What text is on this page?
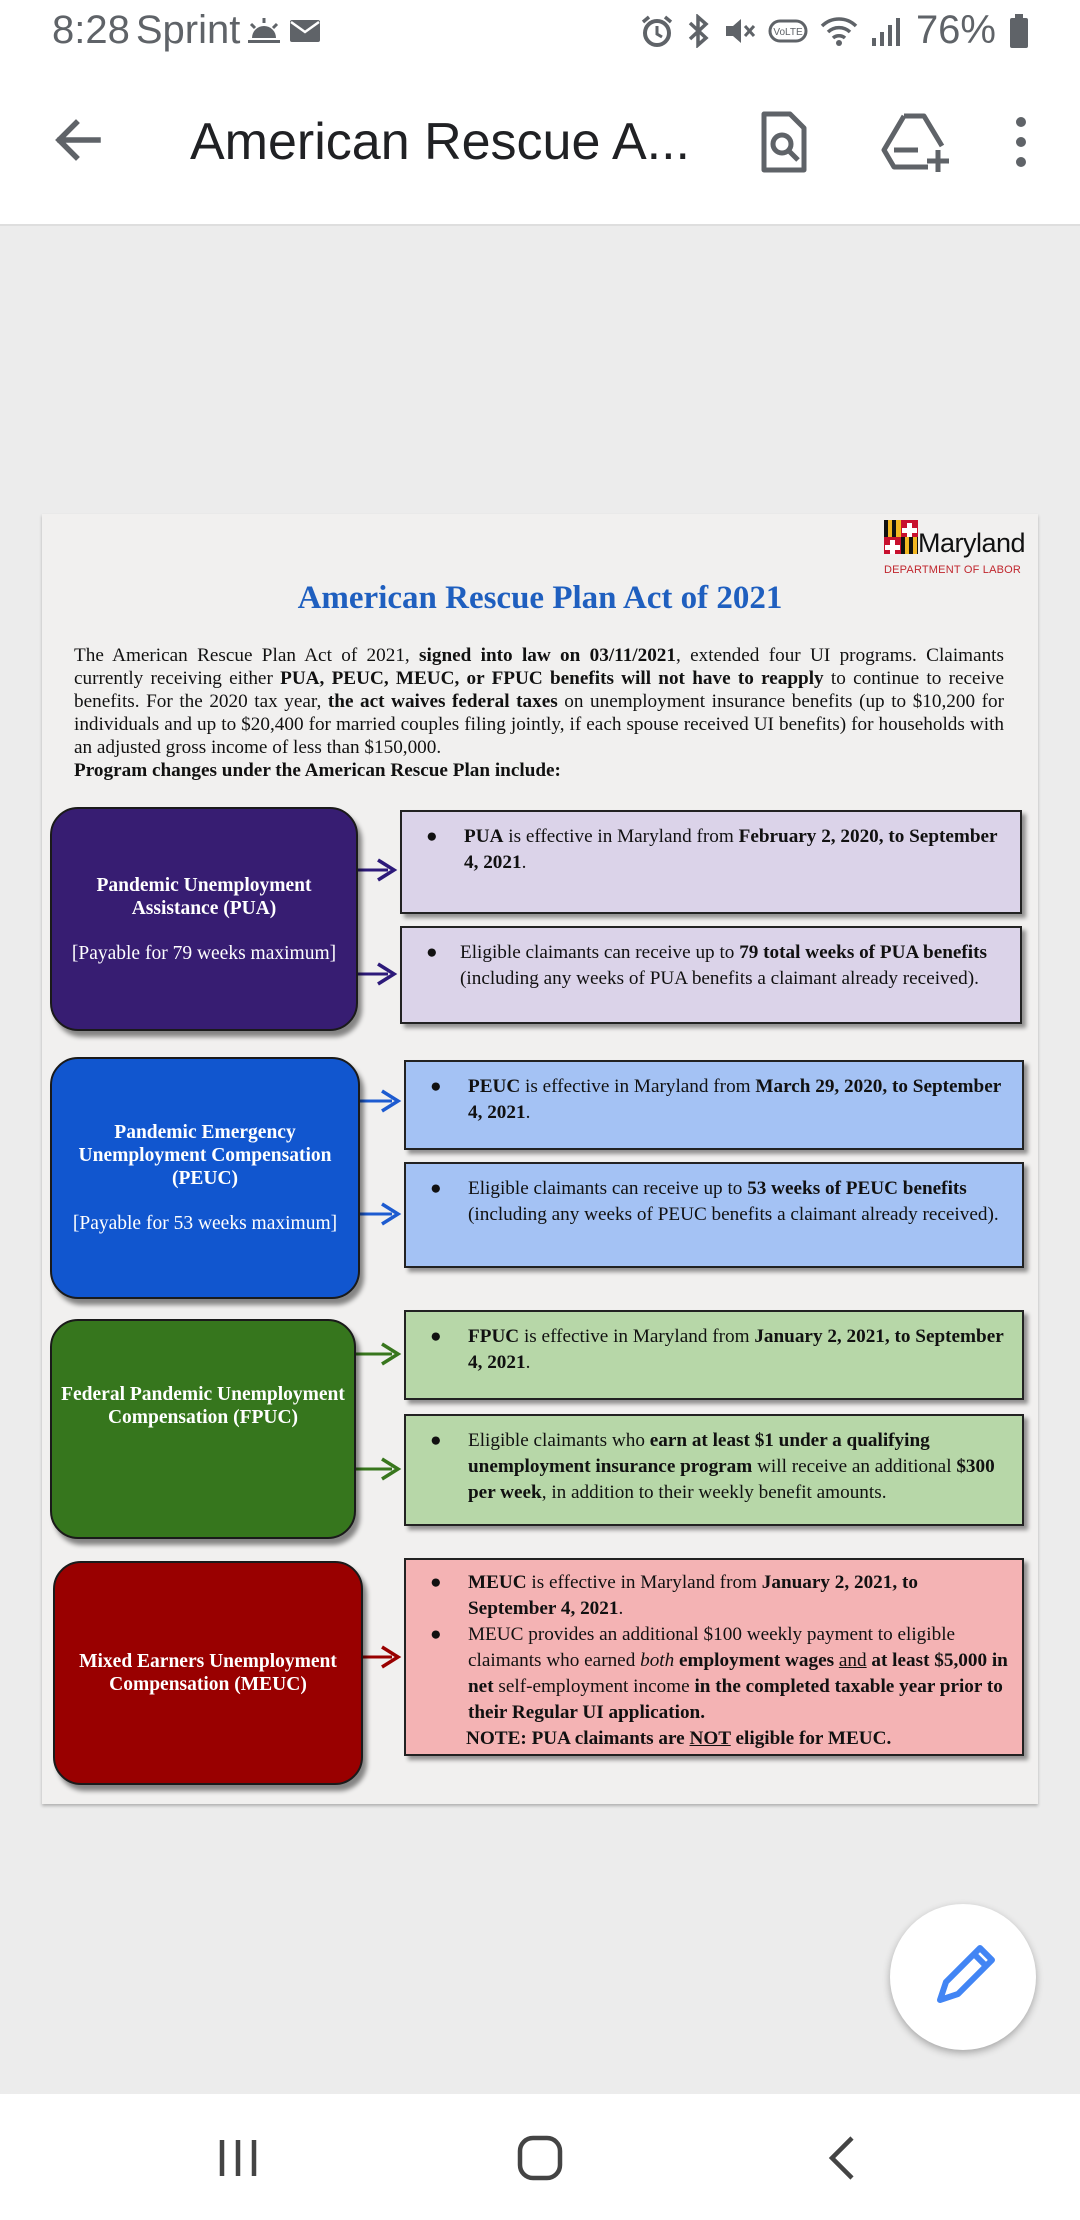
8:28 Sprint	VoLTE	76%
American Rescue A...
Maryland
DEPARTMENT OF LABOR
American Rescue Plan Act of 2021

The American Rescue Plan Act of 2021, signed into law on 03/11/2021, extended four UI programs. Claimants currently receiving either PUA, PEUC, MEUC, or FPUC benefits will not have to reapply to continue to receive benefits. For the 2020 tax year, the act waives federal taxes on unemployment insurance benefits (up to $10,200 for individuals and up to $20,400 for married couples filing jointly, if each spouse received UI benefits) for households with an adjusted gross income of less than $150,000.

Program changes under the American Rescue Plan include:

Pandemic Unemployment Assistance (PUA)
[Payable for 79 weeks maximum]
Pandemic Emergency Unemployment Compensation (PEUC)
[Payable for 53 weeks maximum]
Federal Pandemic Unemployment Compensation (FPUC)
Mixed Earners Unemployment Compensation (MEUC)
● PUA is effective in Maryland from February 2, 2020, to September 4, 2021.
● Eligible claimants can receive up to 79 total weeks of PUA benefits (including any weeks of PUA benefits a claimant already received).
● PEUC is effective in Maryland from March 29, 2020, to September 4, 2021.
● Eligible claimants can receive up to 53 weeks of PEUC benefits (including any weeks of PEUC benefits a claimant already received).
● FPUC is effective in Maryland from January 2, 2021, to September 4, 2021.
● Eligible claimants who earn at least $1 under a qualifying unemployment insurance program will receive an additional $300 per week, in addition to their weekly benefit amounts.
● MEUC is effective in Maryland from January 2, 2021, to September 4, 2021.
● MEUC provides an additional $100 weekly payment to eligible claimants who earned both employment wages and at least $5,000 in net self-employment income in the completed taxable year prior to their Regular UI application.
NOTE: PUA claimants are NOT eligible for MEUC.
